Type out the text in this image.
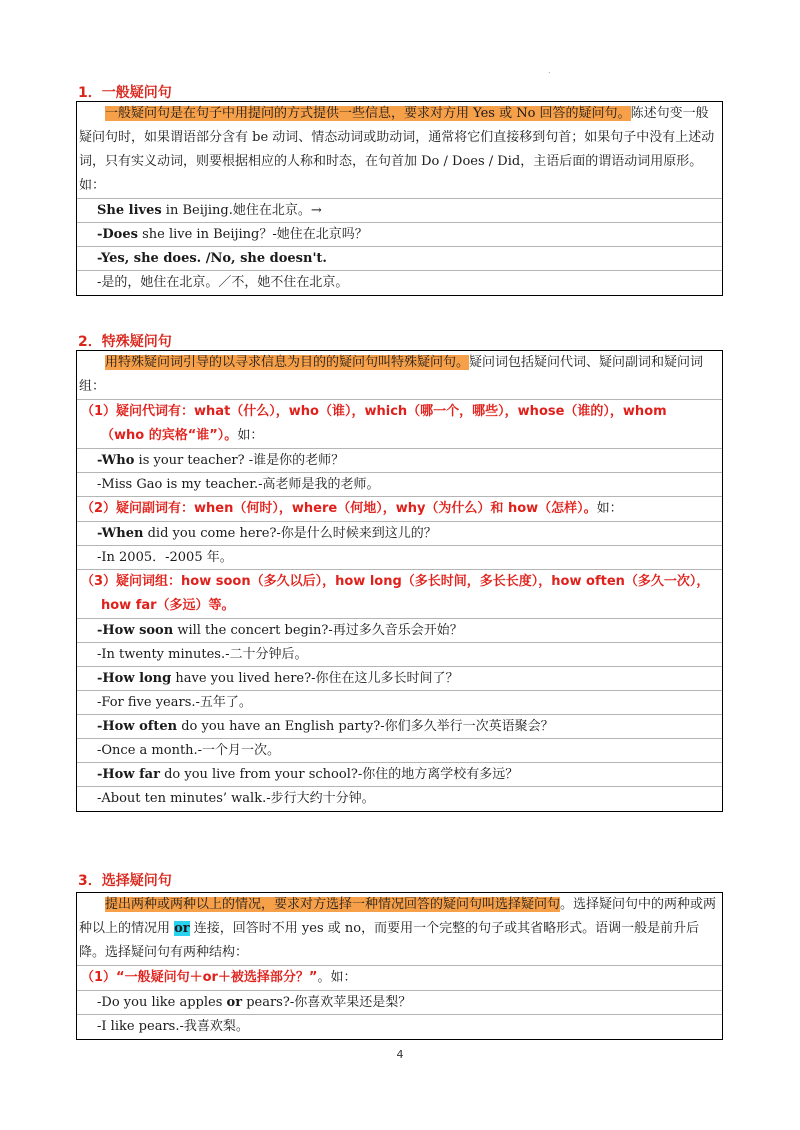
.
1．一般疑问句
一般疑问句是在句子中用提问的方式提供一些信息，要求对方用 Yes 或 No 回答的疑问句。陈述句变一般疑问句时，如果谓语部分含有 be 动词、情态动词或助动词，通常将它们直接移到句首；如果句子中没有上述动词，只有实义动词，则要根据相应的人称和时态，在句首加 Do / Does / Did，主语后面的谓语动词用原形。如：
She lives in Beijing.她住在北京。→
-Does she live in Beijing？-她住在北京吗？
-Yes, she does. /No, she doesn't.
-是的，她住在北京。／不，她不住在北京。
2．特殊疑问句
用特殊疑问词引导的以寻求信息为目的的疑问句叫特殊疑问句。疑问词包括疑问代词、疑问副词和疑问词组：
（1）疑问代词有：what（什么），who（谁），which（哪一个，哪些），whose（谁的），whom
（who 的宾格“谁”）。如：
-Who is your teacher? -谁是你的老师？
-Miss Gao is my teacher.-高老师是我的老师。
（2）疑问副词有：when（何时），where（何地），why（为什么）和 how（怎样）。如：
-When did you come here?-你是什么时候来到这儿的？
-In 2005．-2005 年。
（3）疑问词组：how soon（多久以后），how long（多长时间，多长长度），how often（多久一次），
how far（多远）等。
-How soon will the concert begin?-再过多久音乐会开始？
-In twenty minutes.-二十分钟后。
-How long have you lived here?-你住在这儿多长时间了？
-For five years.-五年了。
-How often do you have an English party?-你们多久举行一次英语聚会？
-Once a month.-一个月一次。
-How far do you live from your school?-你住的地方离学校有多远？
-About ten minutes’ walk.-步行大约十分钟。
3．选择疑问句
提出两种或两种以上的情况，要求对方选择一种情况回答的疑问句叫选择疑问句。选择疑问句中的两种或两种以上的情况用 or 连接，回答时不用 yes 或 no，而要用一个完整的句子或其省略形式。语调一般是前升后降。选择疑问句有两种结构：
（1）“一般疑问句＋or＋被选择部分？”。如：
-Do you like apples or pears?-你喜欢苹果还是梨？
-I like pears.-我喜欢梨。
4
